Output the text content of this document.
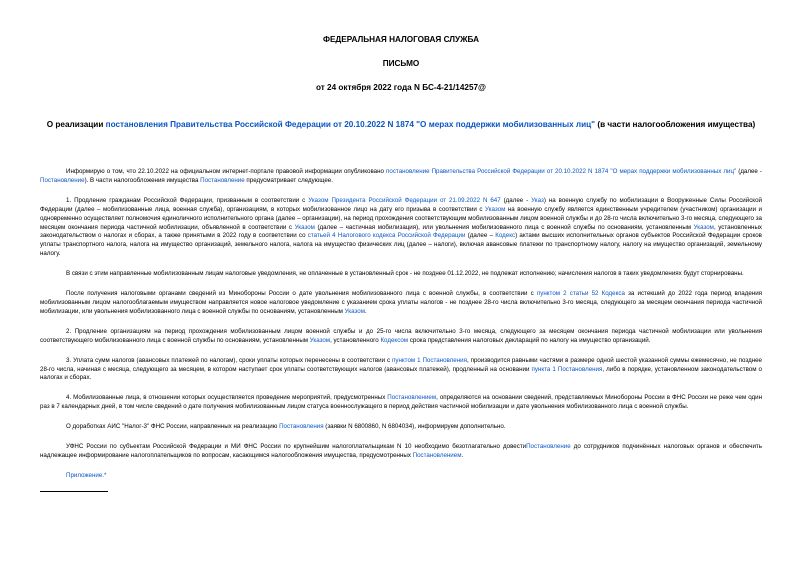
ФЕДЕРАЛЬНАЯ НАЛОГОВАЯ СЛУЖБА
ПИСЬМО
от 24 октября 2022 года N БС-4-21/14257@
О реализации постановления Правительства Российской Федерации от 20.10.2022 N 1874 "О мерах поддержки мобилизованных лиц" (в части налогообложения имущества)

Информирую о том, что 22.10.2022 на официальном интернет-портале правовой информации опубликовано постановление Правительства Российской Федерации от 20.10.2022 N 1874 "О мерах поддержки мобилизованных лиц" (далее - Постановление). В части налогообложения имущества Постановление предусматривает следующее.

1. Продление гражданам Российской Федерации, призванным в соответствии с Указом Президента Российской Федерации от 21.09.2022 N 647 (далее - Указ) на военную службу по мобилизации в Вооруженные Силы Российской Федерации (далее – мобилизованные лица, военная служба), организациям, в которых мобилизованное лицо на дату его призыва в соответствии с Указом на военную службу является единственным учредителем (участником) организации и одновременно осуществляет полномочия единоличного исполнительного органа (далее – организации), на период прохождения соответствующим мобилизованным лицом военной службы и до 28-го числа включительно 3-го месяца, следующего за месяцем окончания периода частичной мобилизации, объявленной в соответствии с Указом (далее – частичная мобилизация), или увольнения мобилизованного лица с военной службы по основаниям, установленным Указом, установленных законодательством о налогах и сборах, а также принятыми в 2022 году в соответствии со статьей 4 Налогового кодекса Российской Федерации (далее – Кодекс) актами высших исполнительных органов субъектов Российской Федерации сроков уплаты транспортного налога, налога на имущество организаций, земельного налога, налога на имущество физических лиц (далее – налоги), включая авансовые платежи по транспортному налогу, налогу на имущество организаций, земельному налогу.

В связи с этим направленные мобилизованным лицам налоговые уведомления, не оплаченные в установленный срок - не позднее 01.12.2022, не подлежат исполнению; начисления налогов в таких уведомлениях будут сторнированы.

После получения налоговыми органами сведений из Минобороны России о дате увольнения мобилизованного лица с военной службы, в соответствии с пунктом 2 статьи 52 Кодекса за истекший до 2022 года период владения мобилизованным лицом налогооблагаемым имуществом направляется новое налоговое уведомление с указанием срока уплаты налогов - не позднее 28-го числа включительно 3-го месяца, следующего за месяцем окончания периода частичной мобилизации, или увольнения мобилизованного лица с военной службы по основаниям, установленным Указом.

2. Продление организациям на период прохождения мобилизованным лицом военной службы и до 25-го числа включительно 3-го месяца, следующего за месяцем окончания периода частичной мобилизации или увольнения соответствующего мобилизованного лица с военной службы по основаниям, установленным Указом, установленного Кодексом срока представления налоговых деклараций по налогу на имущество организаций.

3. Уплата сумм налогов (авансовых платежей по налогам), сроки уплаты которых перенесены в соответствии с пунктом 1 Постановления, производится равными частями в размере одной шестой указанной суммы ежемесячно, не позднее 28-го числа, начиная с месяца, следующего за месяцем, в котором наступает срок уплаты соответствующих налогов (авансовых платежей), продленный на основании пункта 1 Постановления, либо в порядке, установленном законодательством о налогах и сборах.

4. Мобилизованные лица, в отношении которых осуществляется проведение мероприятий, предусмотренных Постановлением, определяются на основании сведений, представляемых Минобороны России в ФНС России не реже чем один раз в 7 календарных дней, в том числе сведений о дате получения мобилизованным лицом статуса военнослужащего в период действия частичной мобилизации и дате увольнения мобилизованного лица с военной службы.

О доработках АИС "Налог-3" ФНС России, направленных на реализацию Постановления (заявки N 6800860, N 6804034), информируем дополнительно.

УФНС России по субъектам Российской Федерации и МИ ФНС России по крупнейшим налогоплательщикам N 10 необходимо безотлагательно довестиПостановление до сотрудников подчинённых налоговых органов и обеспечить надлежащее информирование налогоплательщиков по вопросам, касающимся налогообложения имущества, предусмотренных Постановлением.

Приложение.*
